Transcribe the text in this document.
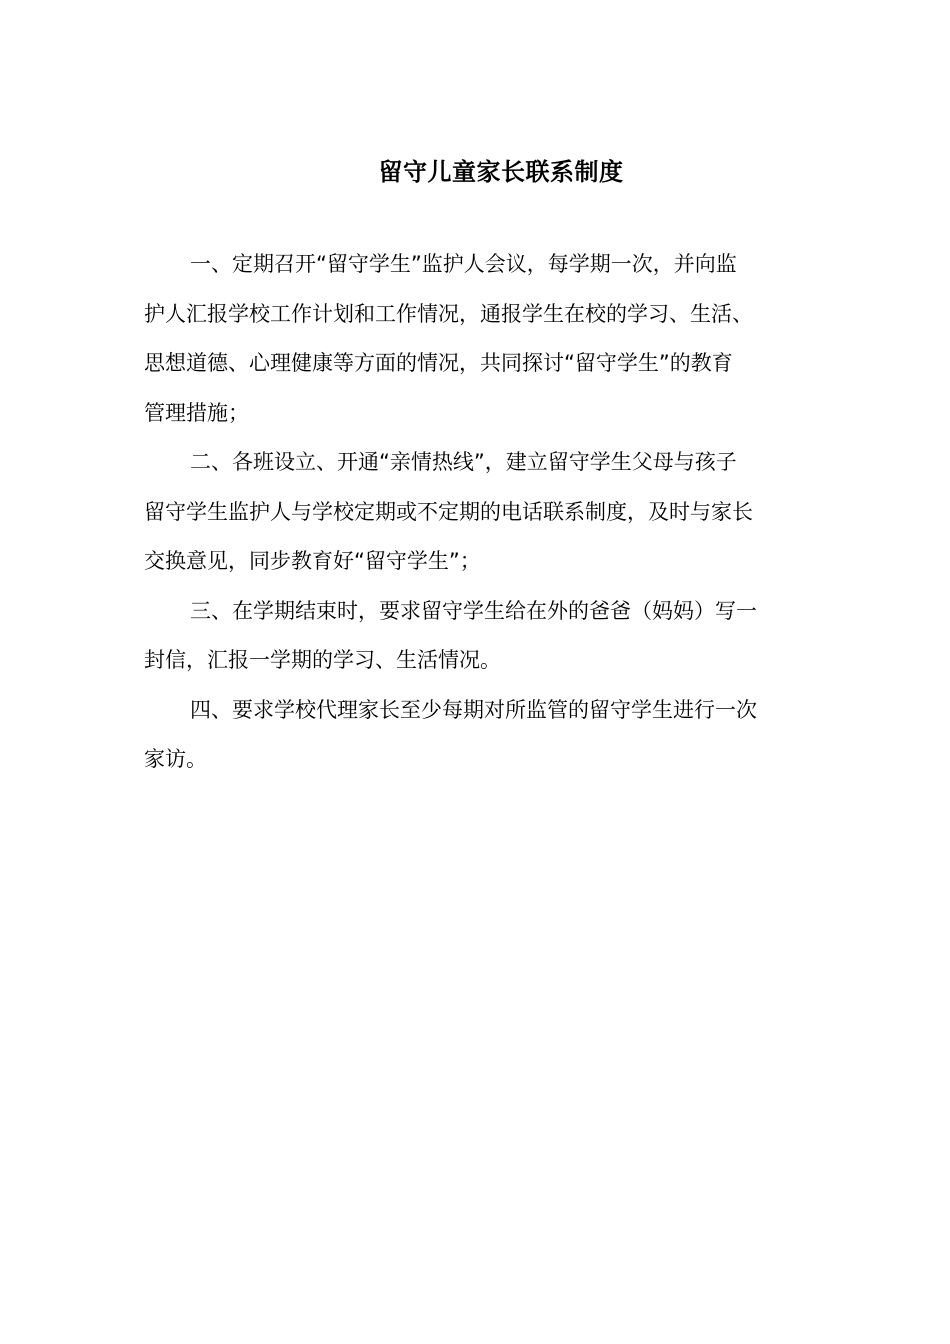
留守儿童家长联系制度
一、定期召开“留守学生”监护人会议，每学期一次，并向监
护人汇报学校工作计划和工作情况，通报学生在校的学习、生活、
思想道德、心理健康等方面的情况，共同探讨“留守学生”的教育
管理措施；
二、各班设立、开通“亲情热线”，建立留守学生父母与孩子
留守学生监护人与学校定期或不定期的电话联系制度，及时与家长
交换意见，同步教育好“留守学生”；
三、在学期结束时，要求留守学生给在外的爸爸（妈妈）写一
封信，汇报一学期的学习、生活情况。
四、要求学校代理家长至少每期对所监管的留守学生进行一次
家访。
